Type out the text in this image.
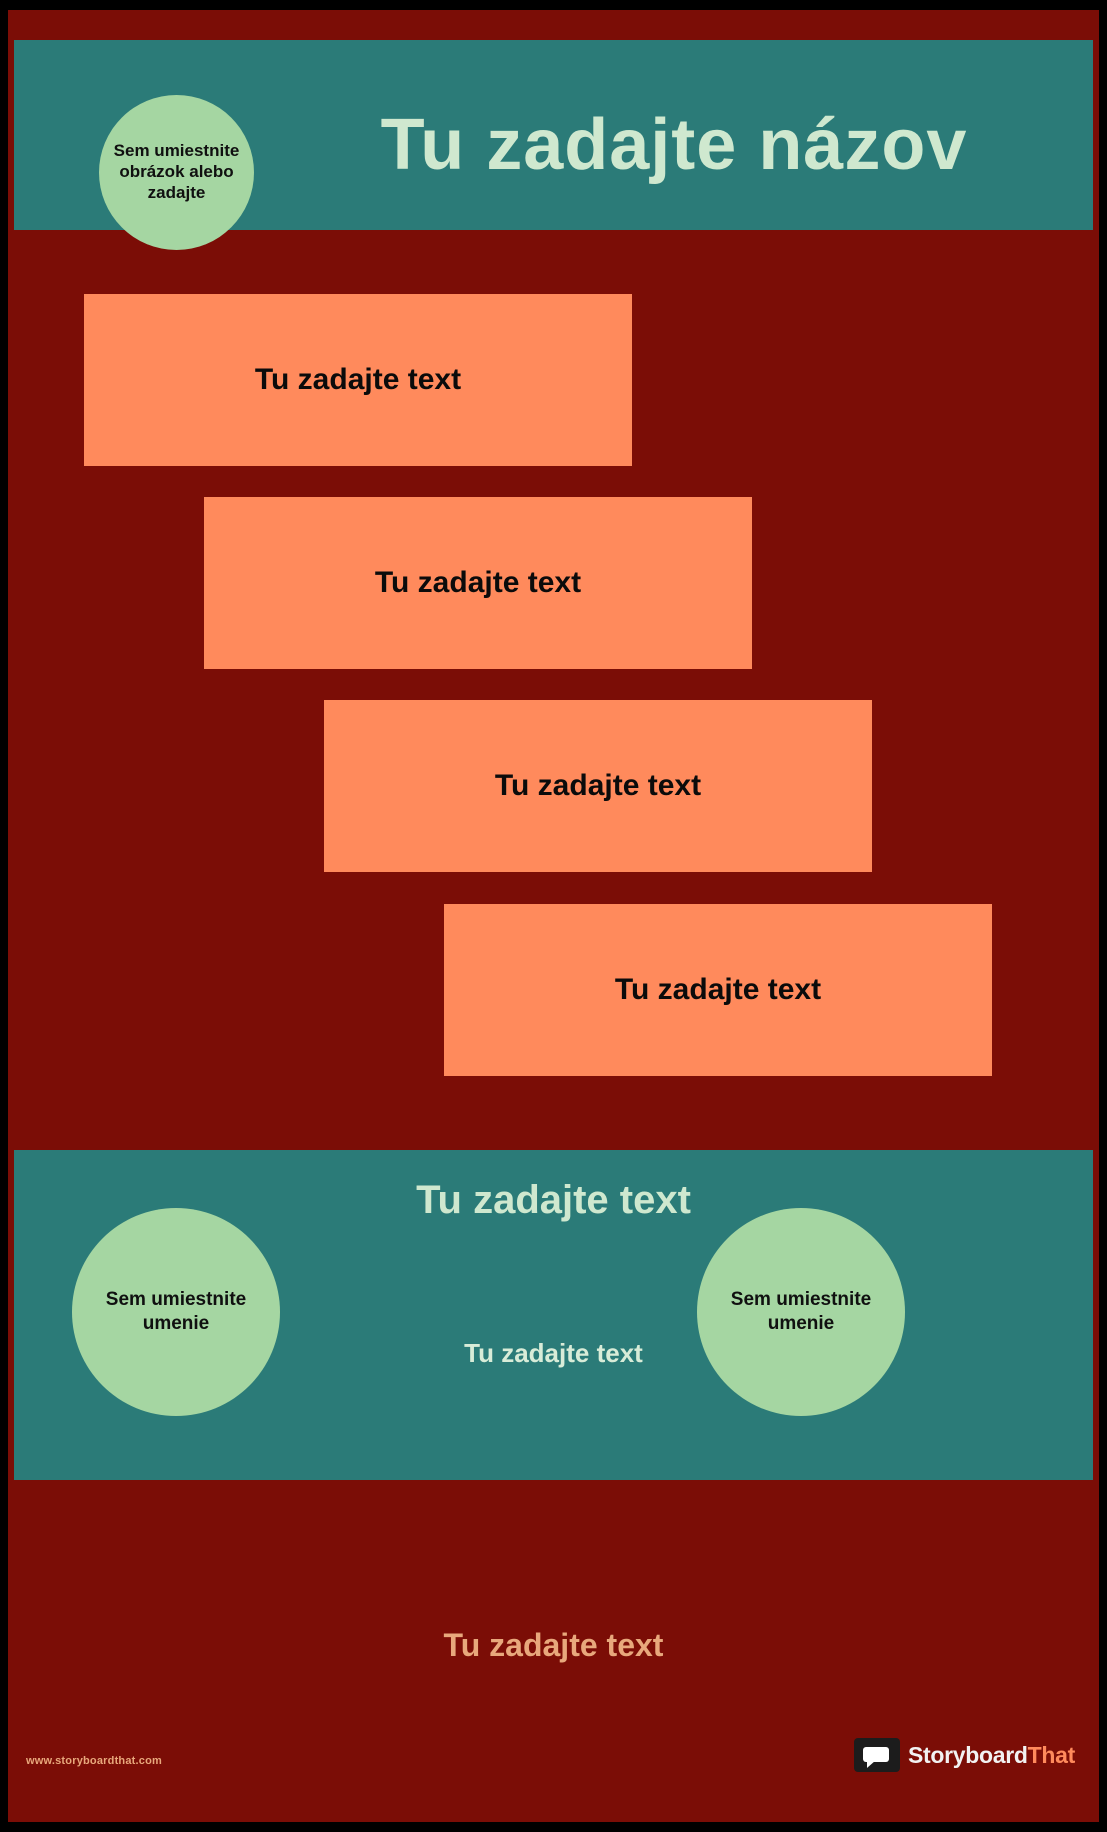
Sem umiestnite obrázok alebo zadajte
Tu zadajte názov
Tu zadajte text
Tu zadajte text
Tu zadajte text
Tu zadajte text
Tu zadajte text
Sem umiestnite umenie
Tu zadajte text
Sem umiestnite umenie
Tu zadajte text
www.storyboardthat.com	StoryboardThat
